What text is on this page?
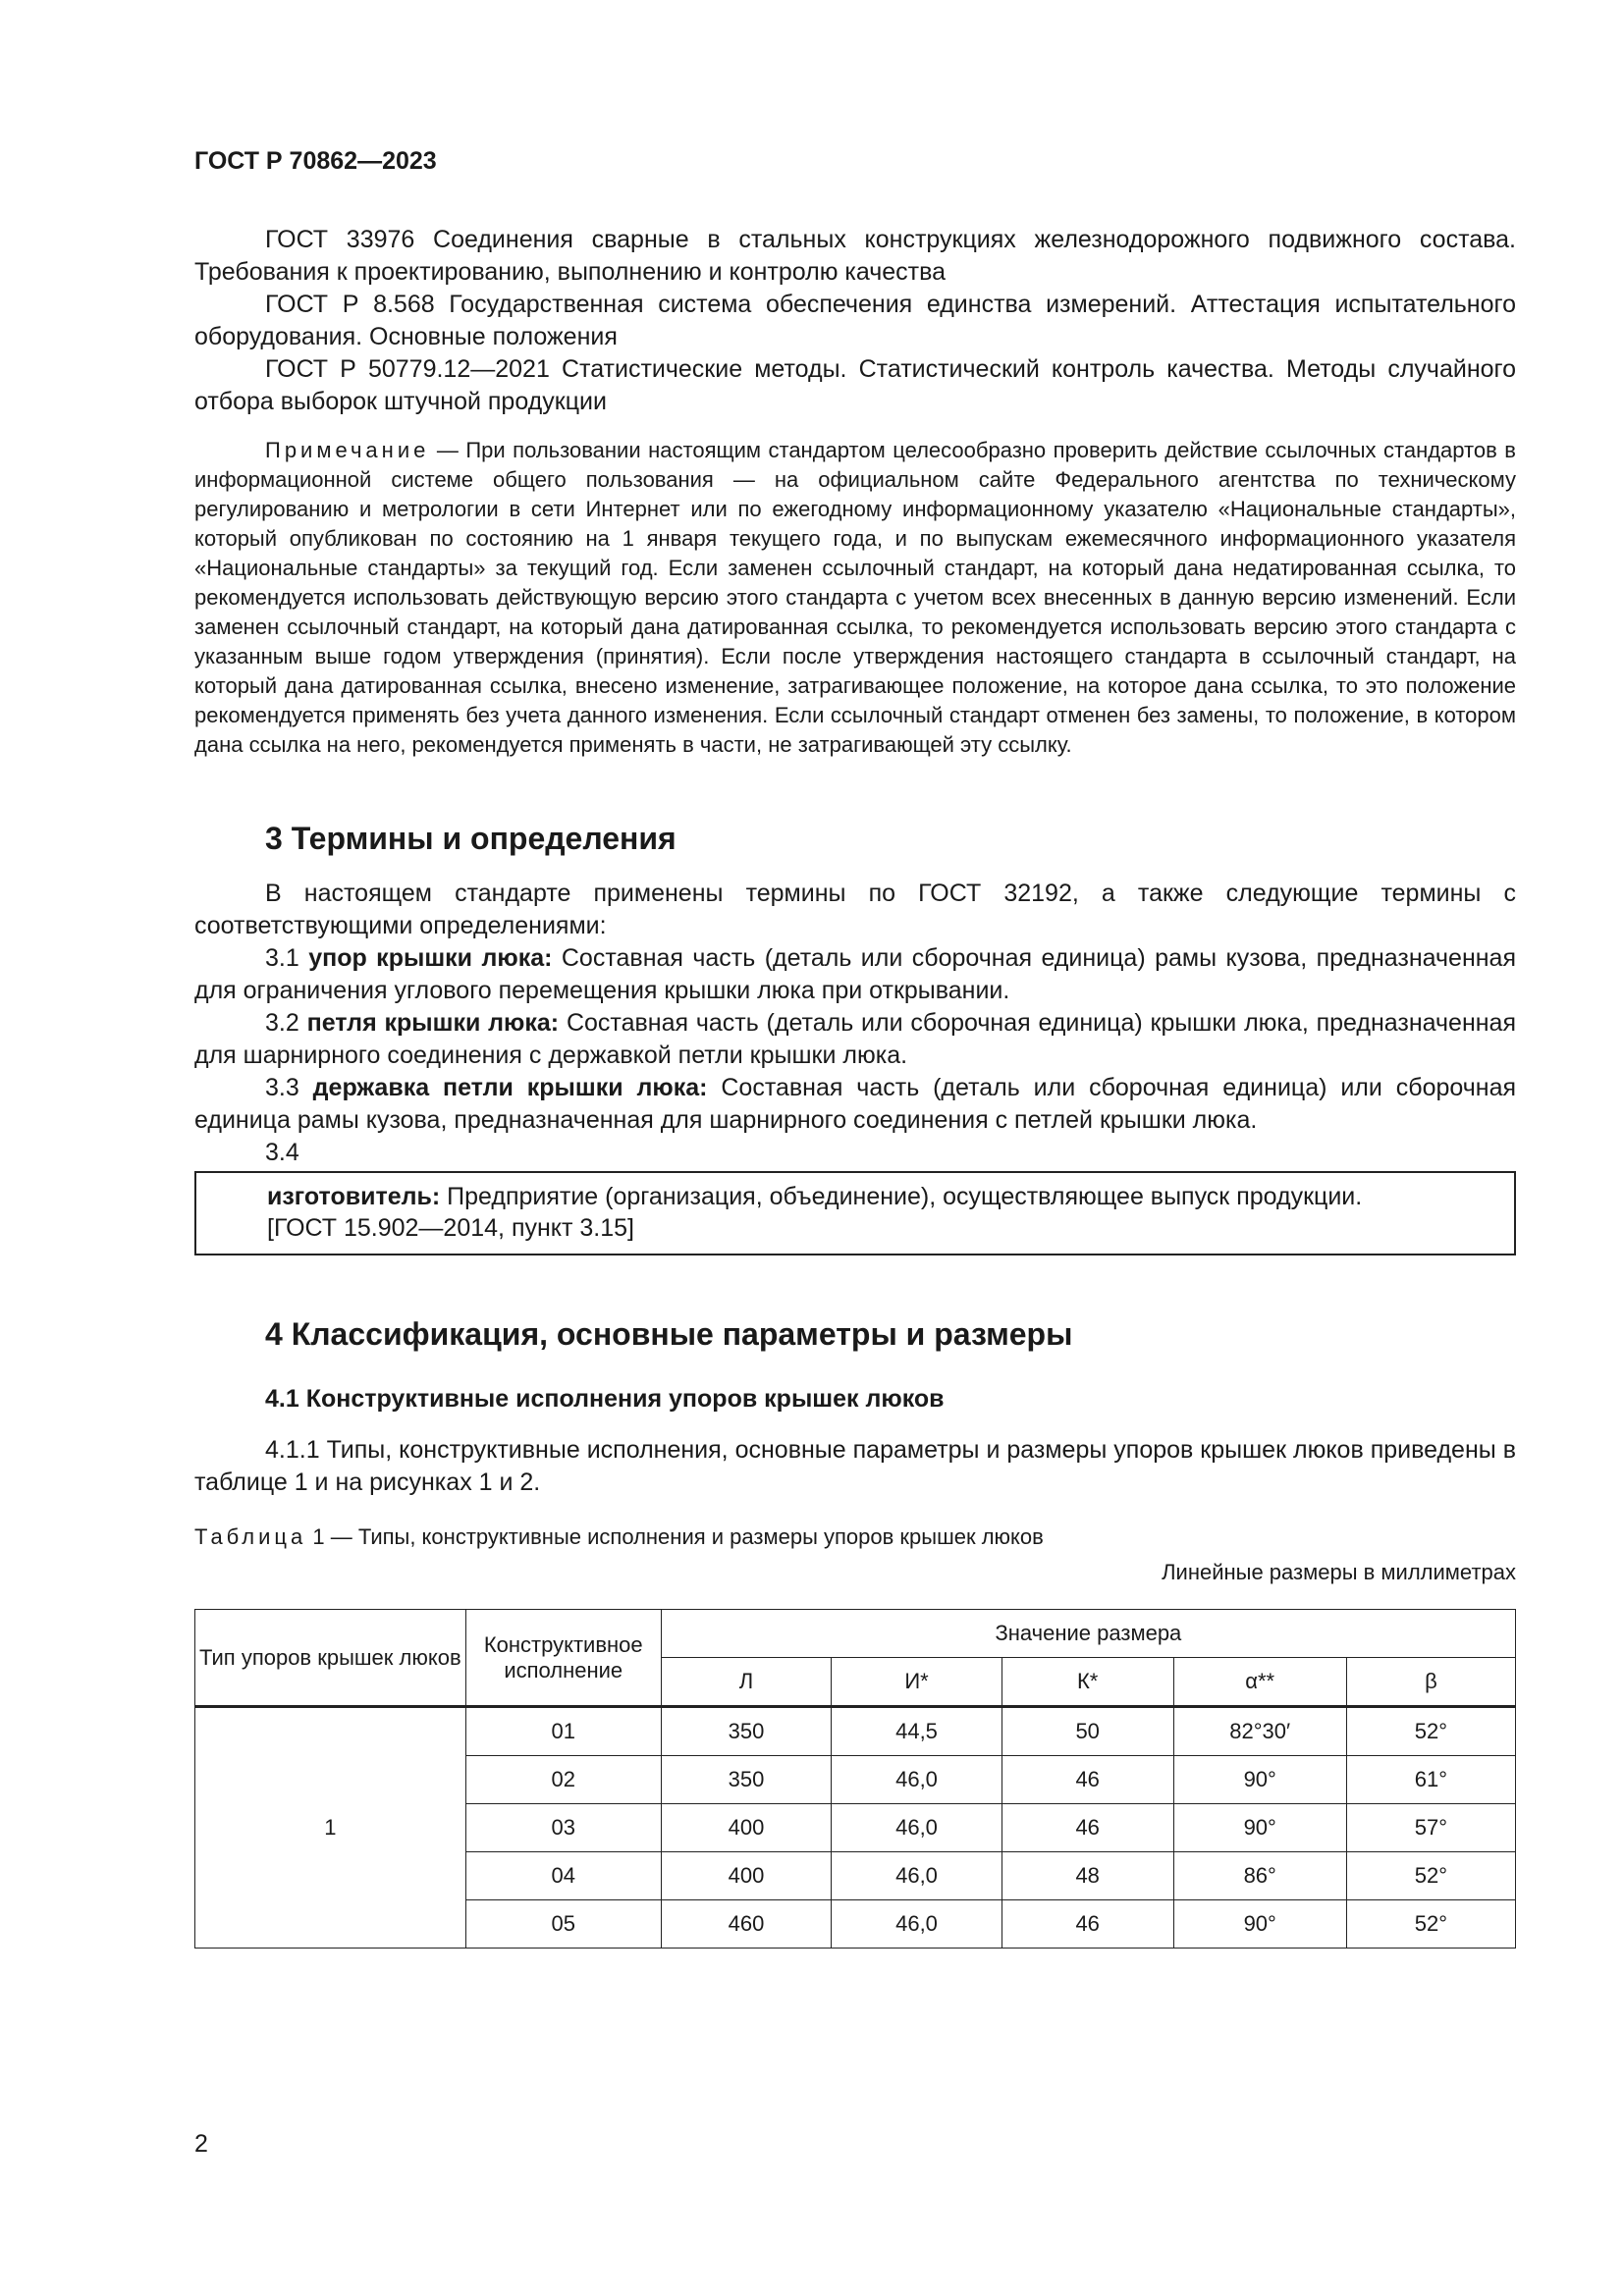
ГОСТ Р 70862—2023

ГОСТ 33976 Соединения сварные в стальных конструкциях железнодорожного подвижного состава. Требования к проектированию, выполнению и контролю качества

ГОСТ Р 8.568 Государственная система обеспечения единства измерений. Аттестация испытательного оборудования. Основные положения

ГОСТ Р 50779.12—2021 Статистические методы. Статистический контроль качества. Методы случайного отбора выборок штучной продукции

Примечание — При пользовании настоящим стандартом целесообразно проверить действие ссылочных стандартов в информационной системе общего пользования — на официальном сайте Федерального агентства по техническому регулированию и метрологии в сети Интернет или по ежегодному информационному указателю «Национальные стандарты», который опубликован по состоянию на 1 января текущего года, и по выпускам ежемесячного информационного указателя «Национальные стандарты» за текущий год. Если заменен ссылочный стандарт, на который дана недатированная ссылка, то рекомендуется использовать действующую версию этого стандарта с учетом всех внесенных в данную версию изменений. Если заменен ссылочный стандарт, на который дана датированная ссылка, то рекомендуется использовать версию этого стандарта с указанным выше годом утверждения (принятия). Если после утверждения настоящего стандарта в ссылочный стандарт, на который дана датированная ссылка, внесено изменение, затрагивающее положение, на которое дана ссылка, то это положение рекомендуется применять без учета данного изменения. Если ссылочный стандарт отменен без замены, то положение, в котором дана ссылка на него, рекомендуется применять в части, не затрагивающей эту ссылку.

3 Термины и определения

В настоящем стандарте применены термины по ГОСТ 32192, а также следующие термины с соответствующими определениями:

3.1 упор крышки люка: Составная часть (деталь или сборочная единица) рамы кузова, предназначенная для ограничения углового перемещения крышки люка при открывании.

3.2 петля крышки люка: Составная часть (деталь или сборочная единица) крышки люка, предназначенная для шарнирного соединения с державкой петли крышки люка.

3.3 державка петли крышки люка: Составная часть (деталь или сборочная единица) или сборочная единица рамы кузова, предназначенная для шарнирного соединения с петлей крышки люка.

3.4

изготовитель: Предприятие (организация, объединение), осуществляющее выпуск продукции.
[ГОСТ 15.902—2014, пункт 3.15]
4 Классификация, основные параметры и размеры
4.1 Конструктивные исполнения упоров крышек люков

4.1.1 Типы, конструктивные исполнения, основные параметры и размеры упоров крышек люков приведены в таблице 1 и на рисунках 1 и 2.

Таблица 1 — Типы, конструктивные исполнения и размеры упоров крышек люков
Линейные размеры в миллиметрах
Тип упоров крышек люков	Конструктивное исполнение	Значение размера				
		Л	И*	К*	α**	β
1	01	350	44,5	50	82°30′	52°
	02	350	46,0	46	90°	61°
	03	400	46,0	46	90°	57°
	04	400	46,0	48	86°	52°
	05	460	46,0	46	90°	52°
2
